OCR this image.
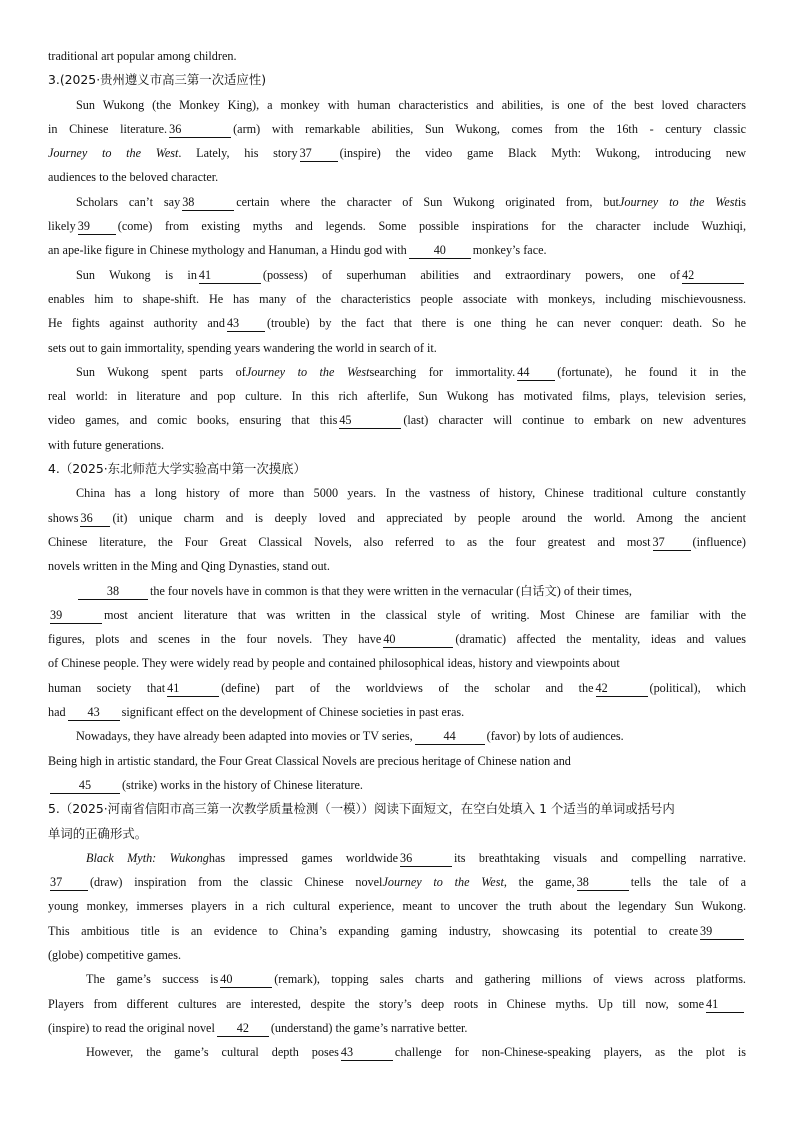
traditional art popular among children.
3.(2025·贵州遵义市高三第一次适应性)
Sun Wukong (the Monkey King), a monkey with human characteristics and abilities, is one of the best loved characters
in Chinese literature. 36	(arm) with remarkable abilities, Sun Wukong, comes from the 16th - century classic
Journey to the West. Lately, his story 37 (inspire) the video game Black Myth: Wukong, introducing new
audiences to the beloved character.
Scholars can’t say 38	certain where the character of Sun Wukong originated from, butJourney to the Westis
likely 39 (come) from existing myths and legends. Some possible inspirations for the character include Wuzhiqi,
an ape-like figure in Chinese mythology and Hanuman, a Hindu god with 40 monkey’s face.
Sun Wukong is in 41	(possess) of superhuman abilities and extraordinary powers, one of 42
enables him to shape-shift. He has many of the characteristics people associate with monkeys, including mischievousness.
He fights against authority and 43 (trouble) by the fact that there is one thing he can never conquer: death. So he
sets out to gain immortality, spending years wandering the world in search of it.
Sun Wukong spent parts ofJourney to the Westsearching for immortality. 44 (fortunate), he found it in the
real world: in literature and pop culture. In this rich afterlife, Sun Wukong has motivated films, plays, television series,
video games, and comic books, ensuring that this 45	(last) character will continue to embark on new adventures
with future generations.
4.（2025·东北师范大学实验高中第一次摸底）
China has a long history of more than 5000 years. In the vastness of history, Chinese traditional culture constantly
shows 36 (it) unique charm and is deeply loved and appreciated by people around the world. Among the ancient
Chinese literature, the Four Great Classical Novels, also referred to as the four greatest and most 37 (influence)
novels written in the Ming and Qing Dynasties, stand out.
38	the four novels have in common is that they were written in the vernacular (白话文) of their times,
39	most ancient literature that was written in the classical style of writing. Most Chinese are familiar with the
figures, plots and scenes in the four novels. They have 40	(dramatic) affected the mentality, ideas and values
of Chinese people. They were widely read by people and contained philosophical ideas, history and viewpoints about
human society that 41	(define) part of the worldviews of the scholar and the 42	(political), which
had 43 significant effect on the development of Chinese societies in past eras.
Nowadays, they have already been adapted into movies or TV series,	44	(favor) by lots of audiences.
Being high in artistic standard, the Four Great Classical Novels are precious heritage of Chinese nation and
45	(strike) works in the history of Chinese literature.
5.（2025·河南省信阳市高三第一次教学质量检测（一模））阅读下面短文，在空白处填入 1 个适当的单词或括号内
单词的正确形式。
Black Myth: Wukonghas impressed games worldwide 36	its breathtaking visuals and compelling narrative.
37 (draw) inspiration from the classic Chinese novelJourney to the West, the game, 38	tells the tale of a
young monkey, immerses players in a rich cultural experience, meant to uncover the truth about the legendary Sun Wukong.
This ambitious title is an evidence to China’s expanding gaming industry, showcasing its potential to create 39
(globe) competitive games.
The game’s success is 40	(remark), topping sales charts and gathering millions of views across platforms.
Players from different cultures are interested, despite the story’s deep roots in Chinese myths. Up till now, some 41
(inspire) to read the original novel 42 (understand) the game’s narrative better.
However, the game’s cultural depth poses 43	challenge for non-Chinese-speaking players, as the plot is
